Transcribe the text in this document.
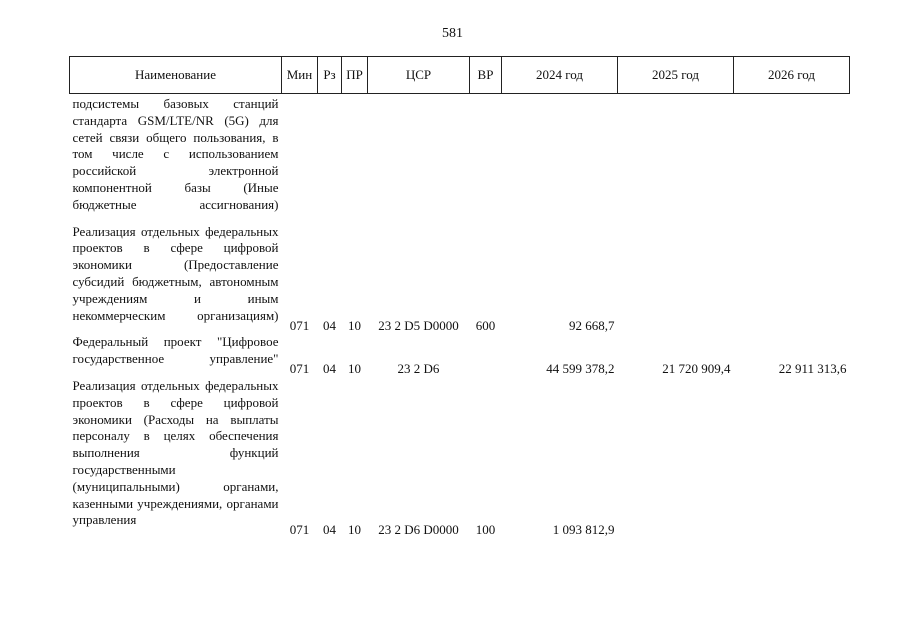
581
Наименование	Мин	Рз	ПР	ЦСР	ВР	2024 год	2025 год	2026 год
подсистемы базовых станций стандарта GSM/LTE/NR (5G) для сетей связи общего пользования, в том числе с использованием российской электронной компонентной базы (Иные бюджетные ассигнования)								
Реализация отдельных федеральных проектов в сфере цифровой экономики (Предоставление субсидий бюджетным, автономным учреждениям и иным некоммерческим организациям)	071	04	10	23 2 D5 D0000	600	92 668,7		
Федеральный проект "Цифровое государственное управление"	071	04	10	23 2 D6		44 599 378,2	21 720 909,4	22 911 313,6
Реализация отдельных федеральных проектов в сфере цифровой экономики (Расходы на выплаты персоналу в целях обеспечения выполнения функций государственными (муниципальными) органами, казенными учреждениями, органами управления	071	04	10	23 2 D6 D0000	100	1 093 812,9		
